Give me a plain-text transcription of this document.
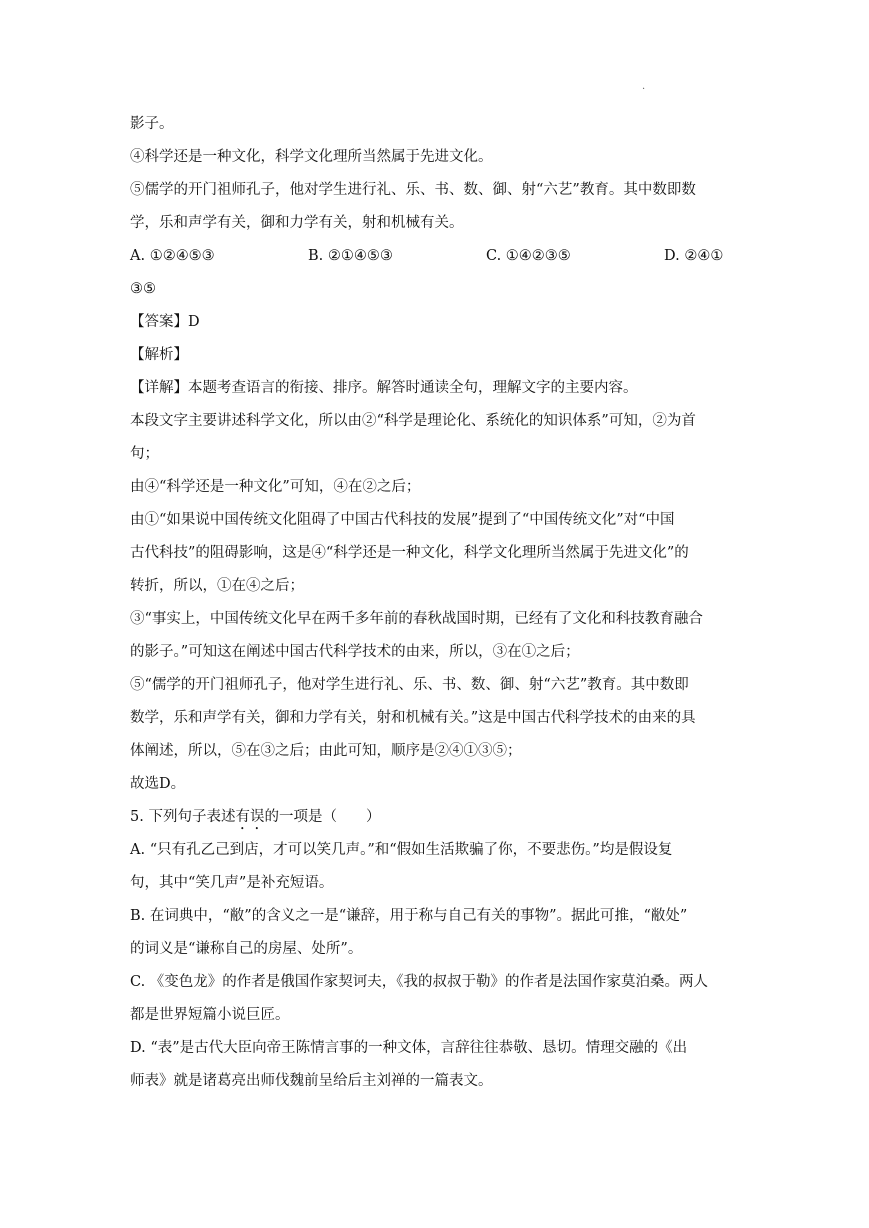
·
影子。
④科学还是一种文化，科学文化理所当然属于先进文化。
⑤儒学的开门祖师孔子，他对学生进行礼、乐、书、数、御、射“六艺”教育。其中数即数
学，乐和声学有关，御和力学有关，射和机械有关。
A. ①②④⑤③	B. ②①④⑤③	C. ①④②③⑤	D. ②④①
③⑤
【答案】D
【解析】
【详解】本题考查语言的衔接、排序。解答时通读全句，理解文字的主要内容。
本段文字主要讲述科学文化，所以由②“科学是理论化、系统化的知识体系”可知，②为首
句；
由④“科学还是一种文化”可知，④在②之后；
由①“如果说中国传统文化阻碍了中国古代科技的发展”提到了“中国传统文化”对“中国
古代科技”的阻碍影响，这是④“科学还是一种文化，科学文化理所当然属于先进文化”的
转折，所以，①在④之后；
③“事实上，中国传统文化早在两千多年前的春秋战国时期，已经有了文化和科技教育融合
的影子。”可知这在阐述中国古代科学技术的由来，所以，③在①之后；
⑤“儒学的开门祖师孔子，他对学生进行礼、乐、书、数、御、射“六艺”教育。其中数即
数学，乐和声学有关，御和力学有关，射和机械有关。”这是中国古代科学技术的由来的具
体阐述，所以，⑤在③之后；由此可知，顺序是②④①③⑤；
故选D。
5. 下列句子表述有误的一项是（　　）
A. “只有孔乙己到店，才可以笑几声。”和“假如生活欺骗了你，不要悲伤。”均是假设复
句，其中“笑几声”是补充短语。
B. 在词典中，“敝”的含义之一是“谦辞，用于称与自己有关的事物”。据此可推，“敝处”
的词义是“谦称自己的房屋、处所”。
C. 《变色龙》的作者是俄国作家契诃夫，《我的叔叔于勒》的作者是法国作家莫泊桑。两人
都是世界短篇小说巨匠。
D. “表”是古代大臣向帝王陈情言事的一种文体，言辞往往恭敬、恳切。情理交融的《出
师表》就是诸葛亮出师伐魏前呈给后主刘禅的一篇表文。
